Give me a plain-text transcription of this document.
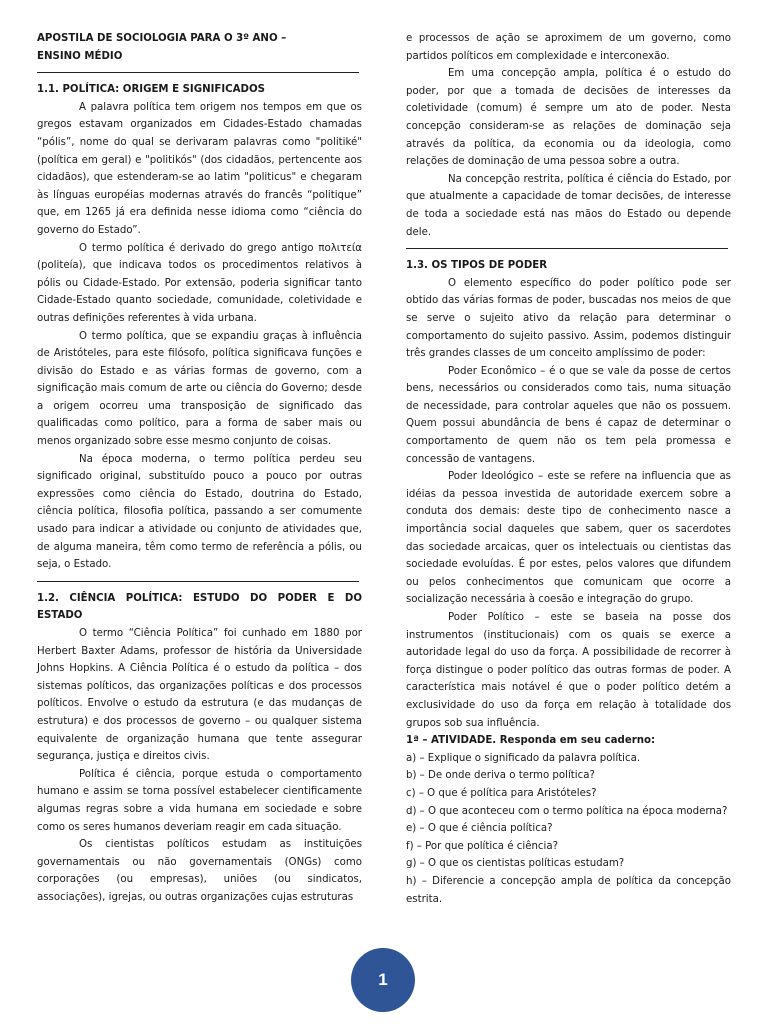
APOSTILA DE SOCIOLOGIA PARA O 3º ANO –

ENSINO MÉDIO

1.1. POLÍTICA: ORIGEM E SIGNIFICADOS

A palavra política tem origem nos tempos em que os gregos estavam organizados em Cidades-Estado chamadas “pólis”, nome do qual se derivaram palavras como "politiké" (política em geral) e "politikós" (dos cidadãos, pertencente aos cidadãos), que estenderam-se ao latim "politicus" e chegaram às línguas européias modernas através do francês “politique” que, em 1265 já era definida nesse idioma como “ciência do governo do Estado”.

O termo política é derivado do grego antigo πολιτεία (politeía), que indicava todos os procedimentos relativos à pólis ou Cidade-Estado. Por extensão, poderia significar tanto Cidade-Estado quanto sociedade, comunidade, coletividade e outras definições referentes à vida urbana.

O termo política, que se expandiu graças à influência de Aristóteles, para este filósofo, política significava funções e divisão do Estado e as várias formas de governo, com a significação mais comum de arte ou ciência do Governo; desde a origem ocorreu uma transposição de significado das qualificadas como político, para a forma de saber mais ou menos organizado sobre esse mesmo conjunto de coisas.

Na época moderna, o termo política perdeu seu significado original, substituído pouco a pouco por outras expressões como ciência do Estado, doutrina do Estado, ciência política, filosofia política, passando a ser comumente usado para indicar a atividade ou conjunto de atividades que, de alguma maneira, têm como termo de referência a pólis, ou seja, o Estado.

1.2. CIÊNCIA POLÍTICA: ESTUDO DO PODER E DO ESTADO

O termo “Ciência Política” foi cunhado em 1880 por Herbert Baxter Adams, professor de história da Universidade Johns Hopkins. A Ciência Política é o estudo da política – dos sistemas políticos, das organizações políticas e dos processos políticos. Envolve o estudo da estrutura (e das mudanças de estrutura) e dos processos de governo – ou qualquer sistema equivalente de organização humana que tente assegurar segurança, justiça e direitos civis.

Política é ciência, porque estuda o comportamento humano e assim se torna possível estabelecer cientificamente algumas regras sobre a vida humana em sociedade e sobre como os seres humanos deveriam reagir em cada situação.

Os cientistas políticos estudam as instituições governamentais ou não governamentais (ONGs) como corporações (ou empresas), uniões (ou sindicatos, associações), igrejas, ou outras organizações cujas estruturas

e processos de ação se aproximem de um governo, como partidos políticos em complexidade e interconexão.

Em uma concepção ampla, política é o estudo do poder, por que a tomada de decisões de interesses da coletividade (comum) é sempre um ato de poder. Nesta concepção consideram-se as relações de dominação seja através da política, da economia ou da ideologia, como relações de dominação de uma pessoa sobre a outra.

Na concepção restrita, política é ciência do Estado, por que atualmente a capacidade de tomar decisões, de interesse de toda a sociedade está nas mãos do Estado ou depende dele.

1.3. OS TIPOS DE PODER

O elemento específico do poder político pode ser obtido das várias formas de poder, buscadas nos meios de que se serve o sujeito ativo da relação para determinar o comportamento do sujeito passivo. Assim, podemos distinguir três grandes classes de um conceito amplíssimo de poder:

Poder Econômico – é o que se vale da posse de certos bens, necessários ou considerados como tais, numa situação de necessidade, para controlar aqueles que não os possuem. Quem possui abundância de bens é capaz de determinar o comportamento de quem não os tem pela promessa e concessão de vantagens.

Poder Ideológico – este se refere na influencia que as idéias da pessoa investida de autoridade exercem sobre a conduta dos demais: deste tipo de conhecimento nasce a importância social daqueles que sabem, quer os sacerdotes das sociedade arcaicas, quer os intelectuais ou cientistas das sociedade evoluídas. É por estes, pelos valores que difundem ou pelos conhecimentos que comunicam que ocorre a socialização necessária à coesão e integração do grupo.

Poder Político – este se baseia na posse dos instrumentos (institucionais) com os quais se exerce a autoridade legal do uso da força. A possibilidade de recorrer à força distingue o poder político das outras formas de poder. A característica mais notável é que o poder político detém a exclusividade do uso da força em relação à totalidade dos grupos sob sua influência.

1ª – ATIVIDADE. Responda em seu caderno:

a) – Explique o significado da palavra política.

b) – De onde deriva o termo política?

c) – O que é política para Aristóteles?

d) – O que aconteceu com o termo política na época moderna?

e) – O que é ciência política?

f) – Por que política é ciência?

g) – O que os cientistas políticas estudam?

h) – Diferencie a concepção ampla de política da concepção estrita.

1
